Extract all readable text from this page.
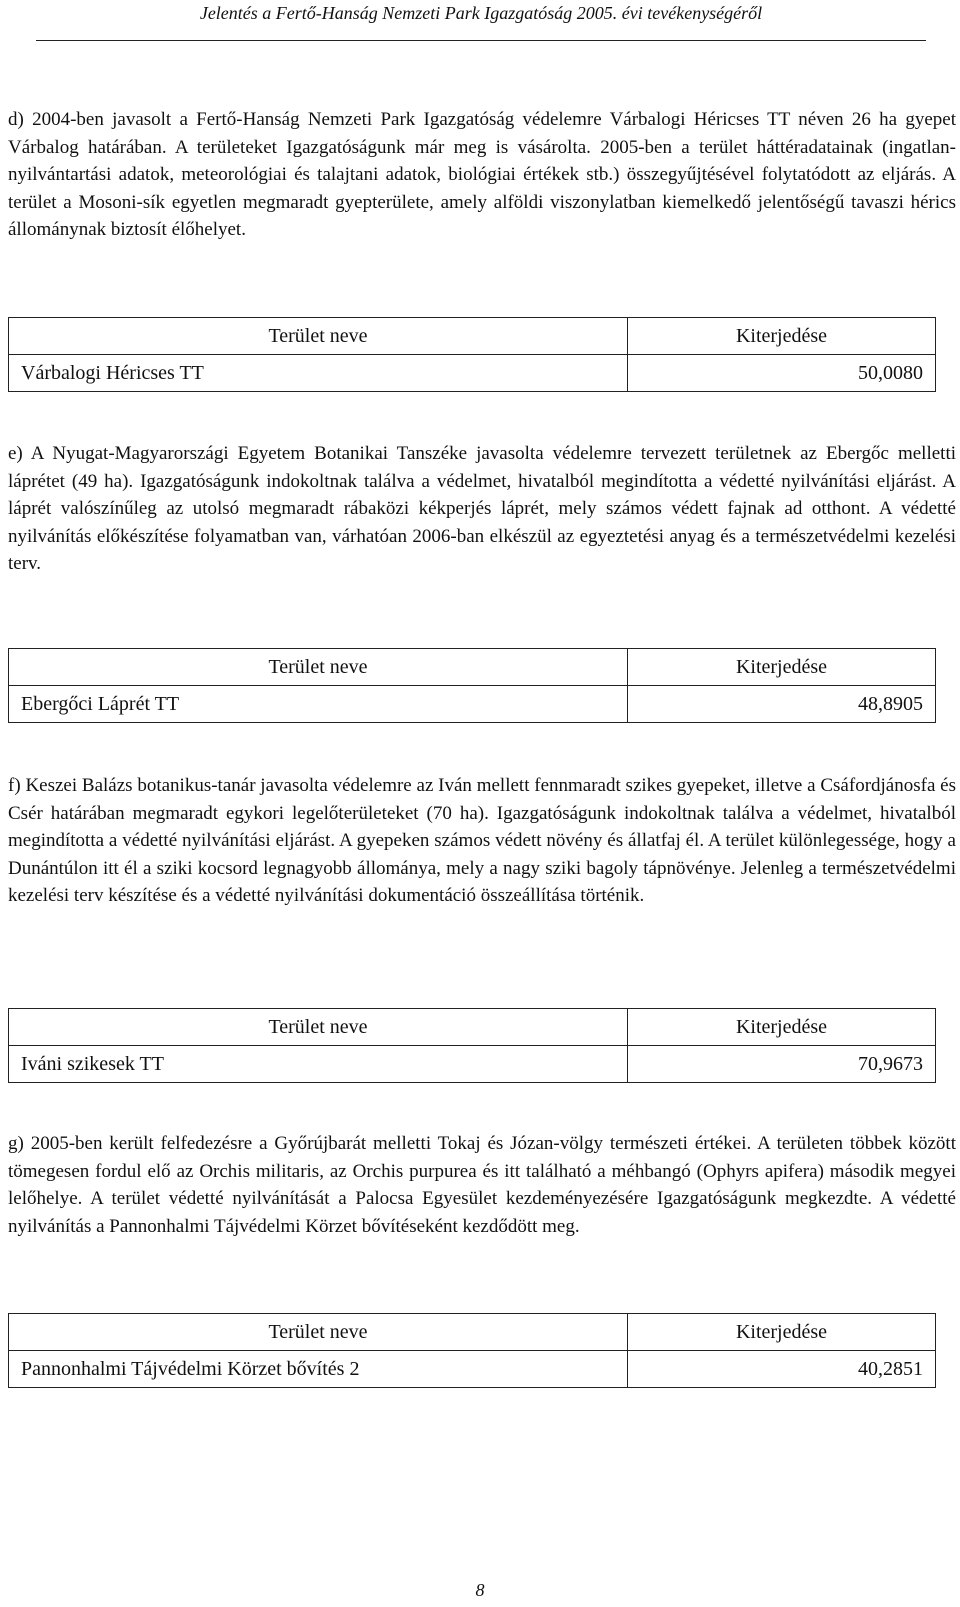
Jelentés a Fertő-Hanság Nemzeti Park Igazgatóság 2005. évi tevékenységéről

d) 2004-ben javasolt a Fertő-Hanság Nemzeti Park Igazgatóság védelemre Várbalogi Héricses TT néven 26 ha gyepet Várbalog határában. A területeket Igazgatóságunk már meg is vásárolta. 2005-ben a terület háttéradatainak (ingatlan-nyilvántartási adatok, meteorológiai és talajtani adatok, biológiai értékek stb.) összegyűjtésével folytatódott az eljárás. A terület a Mosoni-sík egyetlen megmaradt gyepterülete, amely alföldi viszonylatban kiemelkedő jelentőségű tavaszi hérics állománynak biztosít élőhelyet.

Terület neve	Kiterjedése
Várbalogi Héricses TT	50,0080

e) A Nyugat-Magyarországi Egyetem Botanikai Tanszéke javasolta védelemre tervezett területnek az Ebergőc melletti láprétet (49 ha). Igazgatóságunk indokoltnak találva a védelmet, hivatalból megindította a védetté nyilvánítási eljárást. A láprét valószínűleg az utolsó megmaradt rábaközi kékperjés láprét, mely számos védett fajnak ad otthont. A védetté nyilvánítás előkészítése folyamatban van, várhatóan 2006-ban elkészül az egyeztetési anyag és a természetvédelmi kezelési terv.

Terület neve	Kiterjedése
Ebergőci Láprét TT	48,8905

f) Keszei Balázs botanikus-tanár javasolta védelemre az Iván mellett fennmaradt szikes gyepeket, illetve a Csáfordjánosfa és Csér határában megmaradt egykori legelőterületeket (70 ha). Igazgatóságunk indokoltnak találva a védelmet, hivatalból megindította a védetté nyilvánítási eljárást. A gyepeken számos védett növény és állatfaj él. A terület különlegessége, hogy a Dunántúlon itt él a sziki kocsord legnagyobb állománya, mely a nagy sziki bagoly tápnövénye. Jelenleg a természetvédelmi kezelési terv készítése és a védetté nyilvánítási dokumentáció összeállítása történik.

Terület neve	Kiterjedése
Iváni szikesek TT	70,9673

g) 2005-ben került felfedezésre a Győrújbarát melletti Tokaj és Józan-völgy természeti értékei. A területen többek között tömegesen fordul elő az Orchis militaris, az Orchis purpurea és itt található a méhbangó (Ophyrs apifera) második megyei lelőhelye. A terület védetté nyilvánítását a Palocsa Egyesület kezdeményezésére Igazgatóságunk megkezdte. A védetté nyilvánítás a Pannonhalmi Tájvédelmi Körzet bővítéseként kezdődött meg.

Terület neve	Kiterjedése
Pannonhalmi Tájvédelmi Körzet bővítés 2	40,2851
8
